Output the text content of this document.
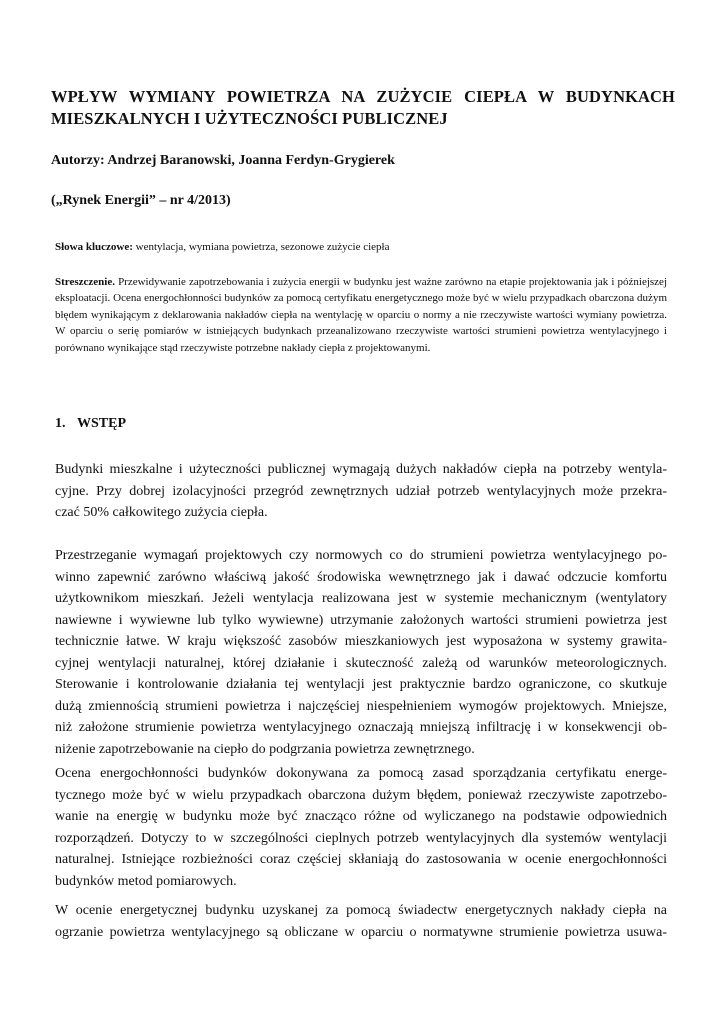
WPŁYW WYMIANY POWIETRZA NA ZUŻYCIE CIEPŁA W BUDYNKACH
MIESZKALNYCH I UŻYTECZNOŚCI PUBLICZNEJ

Autorzy: Andrzej Baranowski, Joanna Ferdyn-Grygierek

(„Rynek Energii” – nr 4/2013)

Słowa kluczowe: wentylacja, wymiana powietrza, sezonowe zużycie ciepła

Streszczenie. Przewidywanie zapotrzebowania i zużycia energii w budynku jest ważne zarówno na etapie projektowania jak i późniejszej eksploatacji. Ocena energochłonności budynków za pomocą certyfikatu energetycznego może być w wielu przypadkach obarczona dużym błędem wynikającym z deklarowania nakładów ciepła na wentylację w oparciu o normy a nie rzeczywiste wartości wymiany powietrza. W oparciu o serię pomiarów w istniejących budynkach przeanalizowano rzeczywiste wartości strumieni powietrza wentylacyjnego i porównano wynikające stąd rzeczywiste potrzebne nakłady ciepła z projektowanymi.

1. WSTĘP

Budynki mieszkalne i użyteczności publicznej wymagają dużych nakładów ciepła na potrzeby wentyla-
cyjne. Przy dobrej izolacyjności przegród zewnętrznych udział potrzeb wentylacyjnych może przekra-
czać 50% całkowitego zużycia ciepła.

Przestrzeganie wymagań projektowych czy normowych co do strumieni powietrza wentylacyjnego po-
winno zapewnić zarówno właściwą jakość środowiska wewnętrznego jak i dawać odczucie komfortu
użytkownikom mieszkań. Jeżeli wentylacja realizowana jest w systemie mechanicznym (wentylatory
nawiewne i wywiewne lub tylko wywiewne) utrzymanie założonych wartości strumieni powietrza jest
technicznie łatwe. W kraju większość zasobów mieszkaniowych jest wyposażona w systemy grawita-
cyjnej wentylacji naturalnej, której działanie i skuteczność zależą od warunków meteorologicznych.
Sterowanie i kontrolowanie działania tej wentylacji jest praktycznie bardzo ograniczone, co skutkuje
dużą zmiennością strumieni powietrza i najczęściej niespełnieniem wymogów projektowych. Mniejsze,
niż założone strumienie powietrza wentylacyjnego oznaczają mniejszą infiltrację i w konsekwencji ob-
niżenie zapotrzebowanie na ciepło do podgrzania powietrza zewnętrznego.

Ocena energochłonności budynków dokonywana za pomocą zasad sporządzania certyfikatu energe-
tycznego może być w wielu przypadkach obarczona dużym błędem, ponieważ rzeczywiste zapotrzebo-
wanie na energię w budynku może być znacząco różne od wyliczanego na podstawie odpowiednich
rozporządzeń. Dotyczy to w szczególności cieplnych potrzeb wentylacyjnych dla systemów wentylacji
naturalnej. Istniejące rozbieżności coraz częściej skłaniają do zastosowania w ocenie energochłonności
budynków metod pomiarowych.

W ocenie energetycznej budynku uzyskanej za pomocą świadectw energetycznych nakłady ciepła na
ogrzanie powietrza wentylacyjnego są obliczane w oparciu o normatywne strumienie powietrza usuwa-
